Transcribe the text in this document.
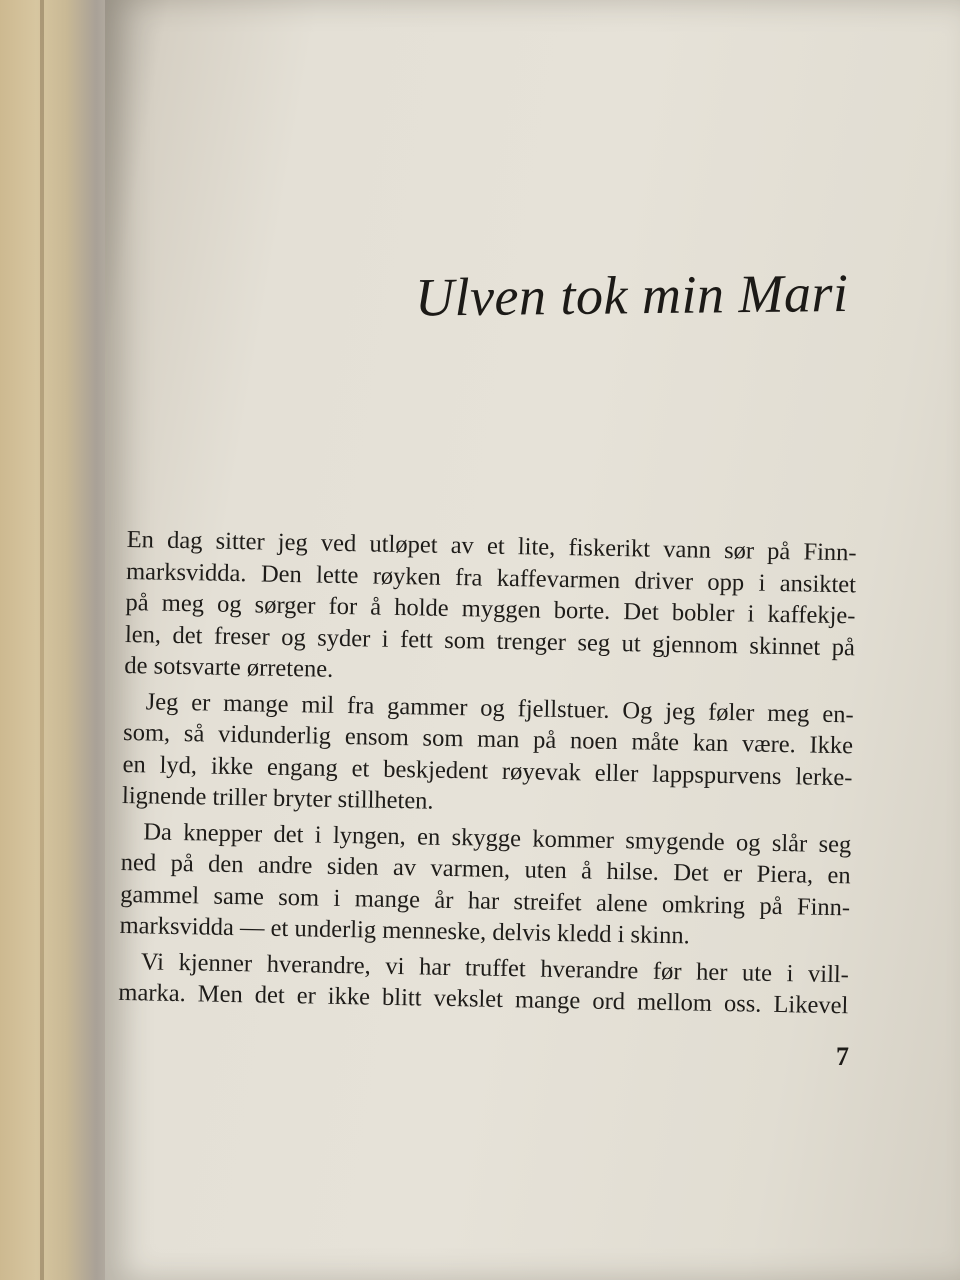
Ulven tok min Mari
En dag sitter jeg ved utløpet av et lite, fiskerikt vann sør på Finn-
marksvidda. Den lette røyken fra kaffevarmen driver opp i ansiktet
på meg og sørger for å holde myggen borte. Det bobler i kaffekje-
len, det freser og syder i fett som trenger seg ut gjennom skinnet på
de sotsvarte ørretene.
Jeg er mange mil fra gammer og fjellstuer. Og jeg føler meg en-
som, så vidunderlig ensom som man på noen måte kan være. Ikke
en lyd, ikke engang et beskjedent røyevak eller lappspurvens lerke-
lignende triller bryter stillheten.
Da knepper det i lyngen, en skygge kommer smygende og slår seg
ned på den andre siden av varmen, uten å hilse. Det er Piera, en
gammel same som i mange år har streifet alene omkring på Finn-
marksvidda — et underlig menneske, delvis kledd i skinn.
Vi kjenner hverandre, vi har truffet hverandre før her ute i vill-
marka. Men det er ikke blitt vekslet mange ord mellom oss. Likevel
7
